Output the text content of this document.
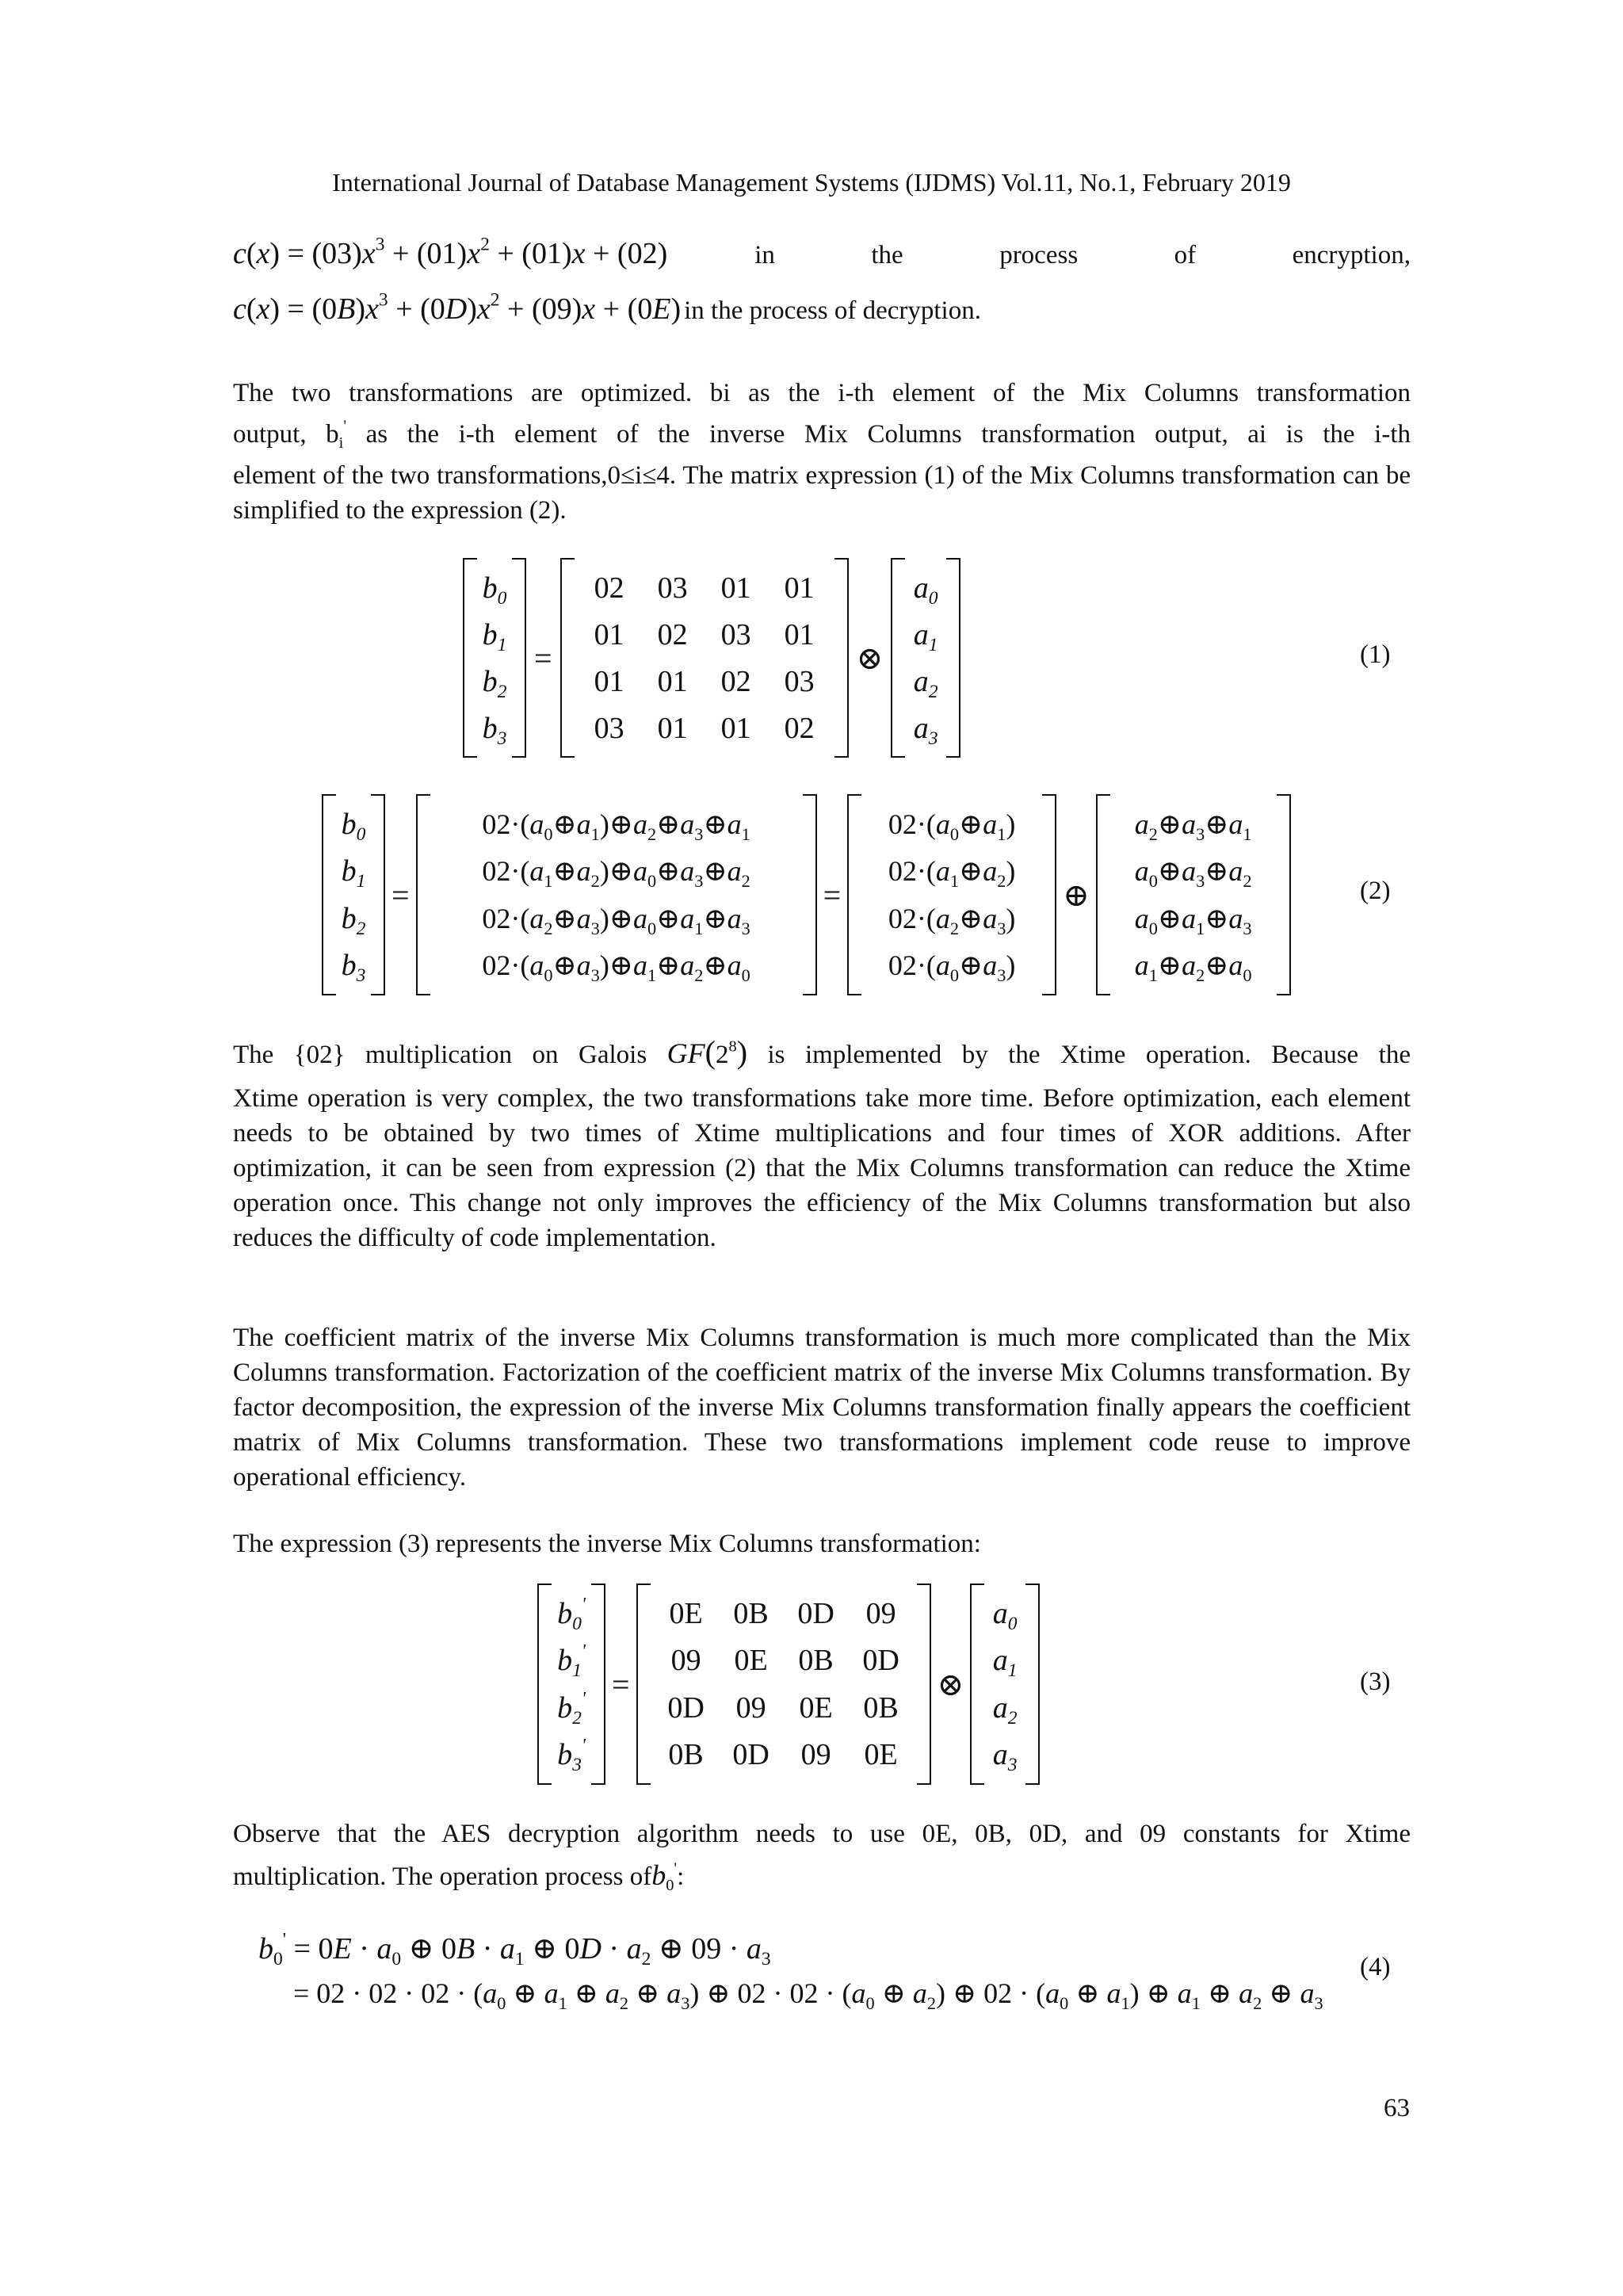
International Journal of Database Management Systems (IJDMS) Vol.11, No.1, February 2019
$c(x) = (03)x^3 + (01)x^2 + (01)x + (02)$	in	the	process	of	encryption,
$c(x) = (0B)x^3 + (0D)x^2 + (09)x + (0E)$ in the process of decryption.
The two transformations are optimized. bi as the i-th element of the Mix Columns transformation
output, $b_i'$ as the i-th element of the inverse Mix Columns transformation output, ai is the i-th
element of the two transformations,0≤i≤4. The matrix expression (1) of the Mix Columns transformation can be simplified to the expression (2).
$b_0$
$b_1$
$b_2$
$b_3$
=
02	03	01	01
01	02	03	01
01	01	02	03
03	01	01	02
⊗
$a_0$
$a_1$
$a_2$
$a_3$
(1)
$b_0$
$b_1$
$b_2$
$b_3$
=
$02\cdot(a_0\oplus a_1)\oplus a_2\oplus a_3\oplus a_1$
$02\cdot(a_1\oplus a_2)\oplus a_0\oplus a_3\oplus a_2$
$02\cdot(a_2\oplus a_3)\oplus a_0\oplus a_1\oplus a_3$
$02\cdot(a_0\oplus a_3)\oplus a_1\oplus a_2\oplus a_0$
=
$02\cdot(a_0\oplus a_1)$
$02\cdot(a_1\oplus a_2)$
$02\cdot(a_2\oplus a_3)$
$02\cdot(a_0\oplus a_3)$
⊕
$a_2\oplus a_3\oplus a_1$
$a_0\oplus a_3\oplus a_2$
$a_0\oplus a_1\oplus a_3$
$a_1\oplus a_2\oplus a_0$
(2)
The {02} multiplication on Galois $GF(2^8)$ is implemented by the Xtime operation. Because the
Xtime operation is very complex, the two transformations take more time. Before optimization, each element needs to be obtained by two times of Xtime multiplications and four times of XOR additions. After optimization, it can be seen from expression (2) that the Mix Columns transformation can reduce the Xtime operation once. This change not only improves the efficiency of the Mix Columns transformation but also reduces the difficulty of code implementation.
The coefficient matrix of the inverse Mix Columns transformation is much more complicated than the Mix Columns transformation. Factorization of the coefficient matrix of the inverse Mix Columns transformation. By factor decomposition, the expression of the inverse Mix Columns transformation finally appears the coefficient matrix of Mix Columns transformation. These two transformations implement code reuse to improve operational efficiency.
The expression (3) represents the inverse Mix Columns transformation:
$b_0'$
$b_1'$
$b_2'$
$b_3'$
=
0E	0B 0D	09
09	0E	0B 0D
0D	09	0E	0B
0B 0D	09	0E
⊗
$a_0$
$a_1$
$a_2$
$a_3$
(3)
Observe that the AES decryption algorithm needs to use 0E, 0B, 0D, and 09 constants for Xtime
multiplication. The operation process ofb$_0$':
$b_0' = 0E \cdot a_0$ ⊕ $0B \cdot a_1$ ⊕ $0D \cdot a_2$ ⊕ $09 \cdot a_3$
= $02 \cdot 02 \cdot 02 \cdot (a_0$ ⊕ $a_1$ ⊕ $a_2$ ⊕ $a_3$) ⊕ $02 \cdot 02 \cdot (a_0$ ⊕ $a_2$) ⊕ $02 \cdot (a_0$ ⊕ $a_1$) ⊕ $a_1$ ⊕ $a_2$ ⊕ $a_3$
(4)
63
